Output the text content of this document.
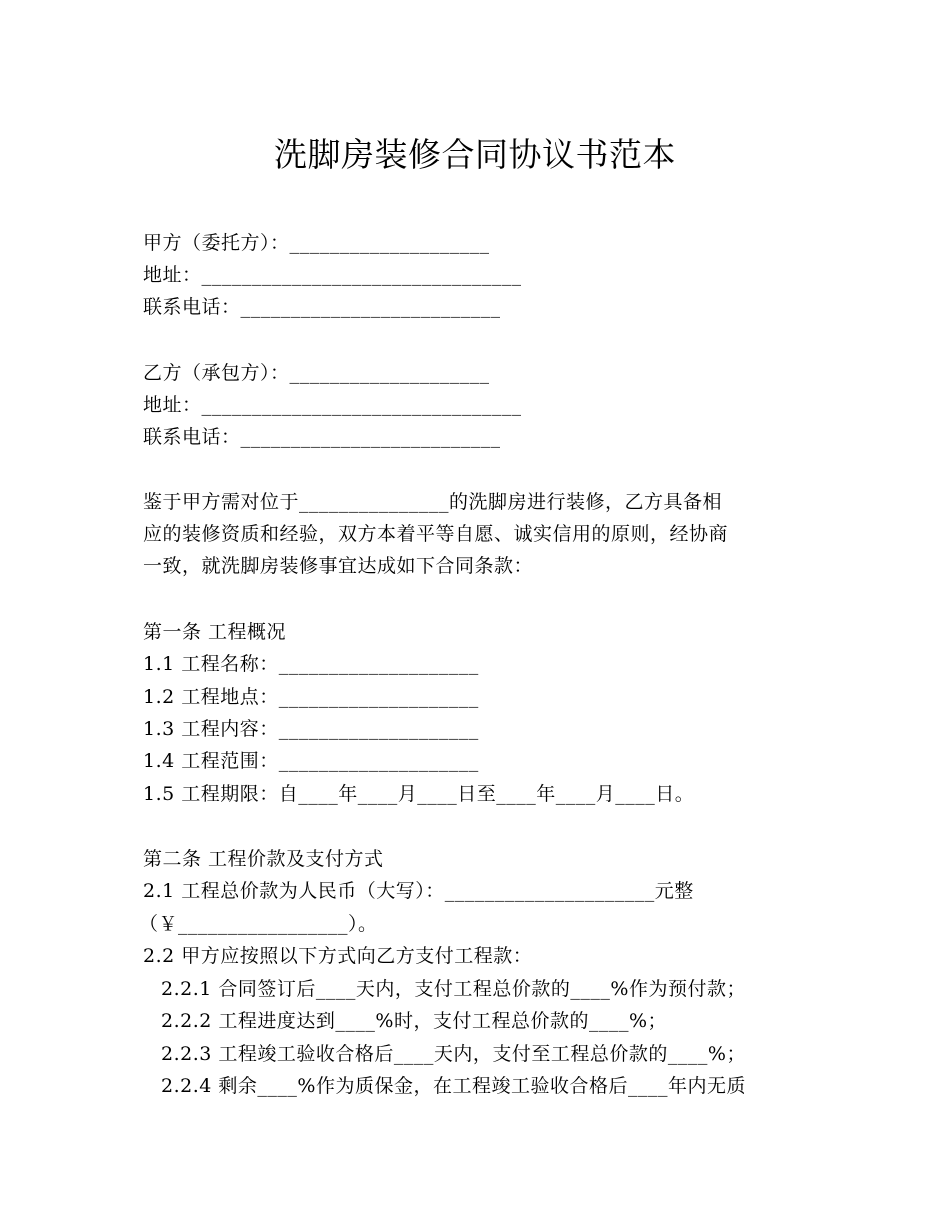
洗脚房装修合同协议书范本
甲方（委托方）：____________________
地址：________________________________
联系电话：__________________________
乙方（承包方）：____________________
地址：________________________________
联系电话：__________________________
鉴于甲方需对位于_______________的洗脚房进行装修，乙方具备相
应的装修资质和经验，双方本着平等自愿、诚实信用的原则，经协商
一致，就洗脚房装修事宜达成如下合同条款：
第一条 工程概况
1.1 工程名称：____________________
1.2 工程地点：____________________
1.3 工程内容：____________________
1.4 工程范围：____________________
1.5 工程期限：自____年____月____日至____年____月____日。
第二条 工程价款及支付方式
2.1 工程总价款为人民币（大写）：_____________________元整
（￥_________________）。
2.2 甲方应按照以下方式向乙方支付工程款：
2.2.1 合同签订后____天内，支付工程总价款的____%作为预付款；
2.2.2 工程进度达到____%时，支付工程总价款的____%；
2.2.3 工程竣工验收合格后____天内，支付至工程总价款的____%；
2.2.4 剩余____%作为质保金，在工程竣工验收合格后____年内无质
